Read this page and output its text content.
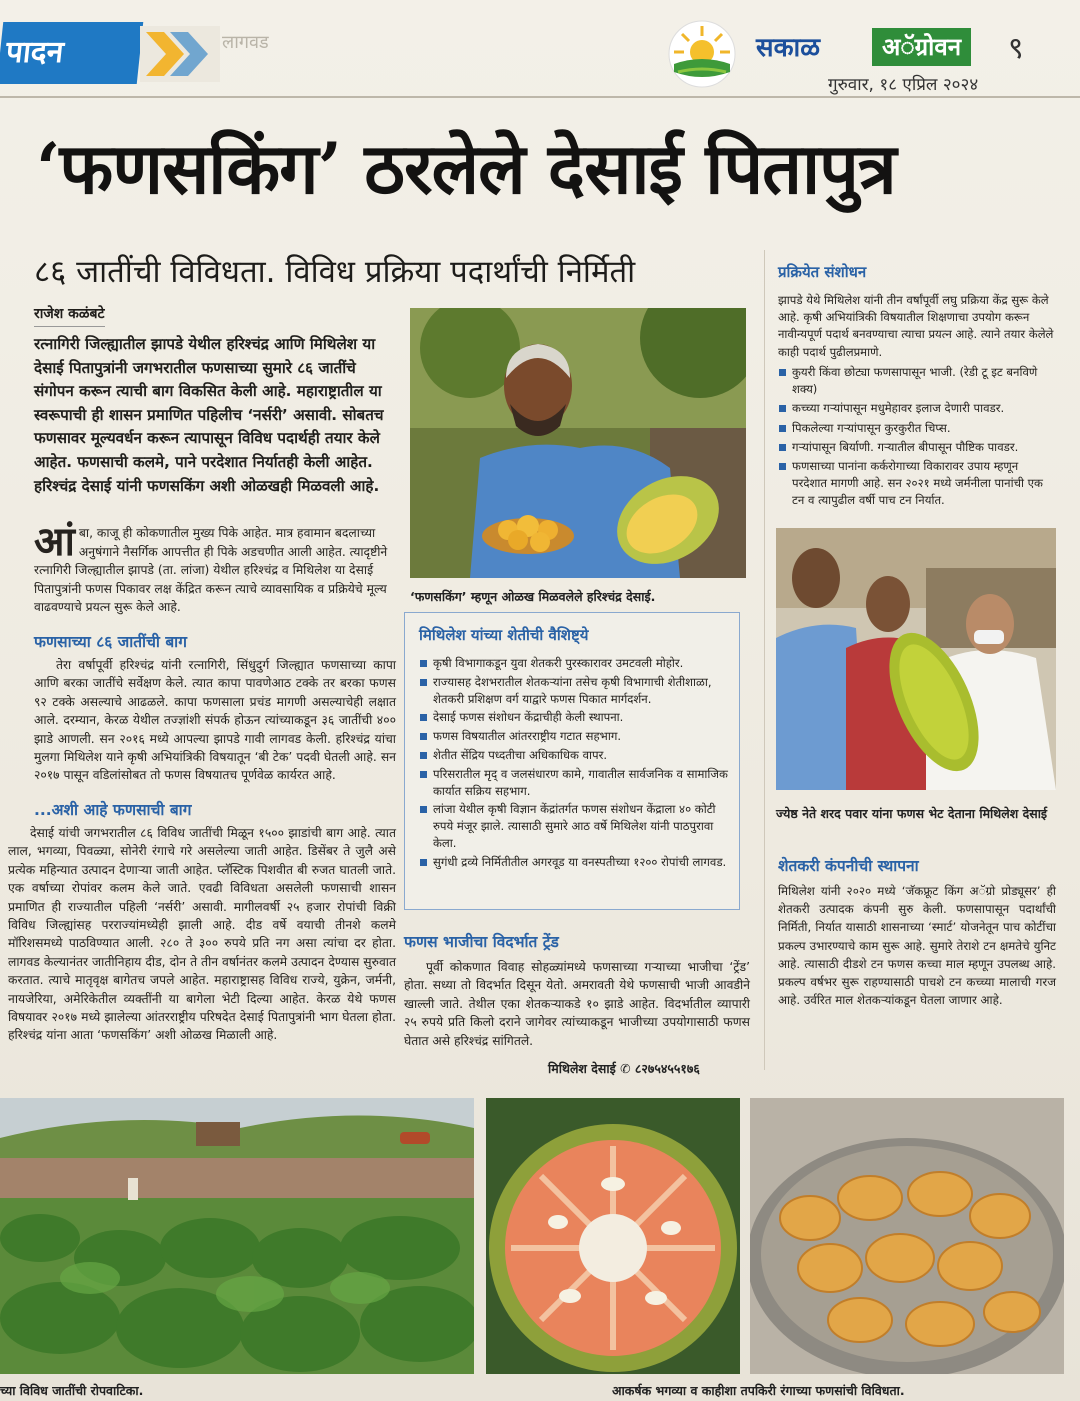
पादन	लागवड	सकाळ	अॅग्रोवन	९
गुरुवार, १८ एप्रिल २०२४
‘फणसकिंग’ ठरलेले देसाई पितापुत्र
८६ जातींची विविधता. विविध प्रक्रिया पदार्थांची निर्मिती
राजेश कळंबटे
रत्नागिरी जिल्ह्यातील झापडे येथील हरिश्चंद्र आणि मिथिलेश या देसाई पितापुत्रांनी जगभरातील फणसाच्या सुमारे ८६ जातींचे संगोपन करून त्याची बाग विकसित केली आहे. महाराष्ट्रातील या स्वरूपाची ही शासन प्रमाणित पहिलीच ‘नर्सरी’ असावी. सोबतच फणसावर मूल्यवर्धन करून त्यापासून विविध पदार्थही तयार केले आहेत. फणसाची कलमे, पाने परदेशात निर्यातही केली आहेत. हरिश्चंद्र देसाई यांनी फणसकिंग अशी ओळखही मिळवली आहे.
आं बा, काजू ही कोकणातील मुख्य पिके आहेत. मात्र हवामान बदलाच्या अनुषंगाने नैसर्गिक आपत्तीत ही पिके अडचणीत आली आहेत. त्यादृष्टीने रत्नागिरी जिल्ह्यातील झापडे (ता. लांजा) येथील हरिश्चंद्र व मिथिलेश या देसाई पितापुत्रांनी फणस पिकावर लक्ष केंद्रित करून त्याचे व्यावसायिक व प्रक्रियेचे मूल्य वाढवण्याचे प्रयत्न सुरू केले आहे.
फणसाच्या ८६ जातींची बाग

तेरा वर्षापूर्वी हरिश्चंद्र यांनी रत्नागिरी, सिंधुदुर्ग जिल्ह्यात फणसाच्या कापा आणि बरका जातींचे सर्वेक्षण केले. त्यात कापा पावणेआठ टक्के तर बरका फणस ९२ टक्के असल्याचे आढळले. कापा फणसाला प्रचंड मागणी असल्याचेही लक्षात आले. दरम्यान, केरळ येथील तज्ज्ञांशी संपर्क होऊन त्यांच्याकडून ३६ जातींची ४०० झाडे आणली. सन २०१६ मध्ये आपल्या झापडे गावी लागवड केली. हरिश्चंद्र यांचा मुलगा मिथिलेश याने कृषी अभियांत्रिकी विषयातून ‘बी टेक’ पदवी घेतली आहे. सन २०१७ पासून वडिलांसोबत तो फणस विषयातच पूर्णवेळ कार्यरत आहे.

...अशी आहे फणसाची बाग

देसाई यांची जगभरातील ८६ विविध जातींची मिळून १५०० झाडांची बाग आहे. त्यात लाल, भगव्या, पिवळ्या, सोनेरी रंगाचे गरे असलेल्या जाती आहेत. डिसेंबर ते जुलै असे प्रत्येक महिन्यात उत्पादन देणाऱ्या जाती आहेत. प्लॅस्टिक पिशवीत बी रुजत घातली जाते. एक वर्षाच्या रोपांवर कलम केले जाते. एवढी विविधता असलेली फणसाची शासन प्रमाणित ही राज्यातील पहिली ‘नर्सरी’ असावी. मागीलवर्षी २५ हजार रोपांची विक्री विविध जिल्ह्यांसह परराज्यांमध्येही झाली आहे. दीड वर्षे वयाची तीनशे कलमे मॉरिशसमध्ये पाठविण्यात आली. २८० ते ३०० रुपये प्रति नग असा त्यांचा दर होता. लागवड केल्यानंतर जातीनिहाय दीड, दोन ते तीन वर्षानंतर कलमे उत्पादन देण्यास सुरुवात करतात. त्याचे मातृवृक्ष बागेतच जपले आहेत. महाराष्ट्रासह विविध राज्ये, युक्रेन, जर्मनी, नायजेरिया, अमेरिकेतील व्यक्तींनी या बागेला भेटी दिल्या आहेत. केरळ येथे फणस विषयावर २०१७ मध्ये झालेल्या आंतरराष्ट्रीय परिषदेत देसाई पितापुत्रांनी भाग घेतला होता. हरिश्चंद्र यांना आता ‘फणसकिंग’ अशी ओळख मिळाली आहे.

‘फणसकिंग’ म्हणून ओळख मिळवलेले हरिश्चंद्र देसाई.
मिथिलेश यांच्या शेतीची वैशिष्ट्ये
कृषी विभागाकडून युवा शेतकरी पुरस्कारावर उमटवली मोहोर.
राज्यासह देशभरातील शेतकऱ्यांना तसेच कृषी विभागाची शेतीशाळा, शेतकरी प्रशिक्षण वर्ग याद्वारे फणस पिकात मार्गदर्शन.
देसाई फणस संशोधन केंद्राचीही केली स्थापना.
फणस विषयातील आंतरराष्ट्रीय गटात सहभाग.
शेतीत सेंद्रिय पध्दतीचा अधिकाधिक वापर.
परिसरातील मृद् व जलसंधारण कामे, गावातील सार्वजनिक व सामाजिक कार्यात सक्रिय सहभाग.
लांजा येथील कृषी विज्ञान केंद्रांतर्गत फणस संशोधन केंद्राला ४० कोटी रुपये मंजूर झाले. त्यासाठी सुमारे आठ वर्षे मिथिलेश यांनी पाठपुरावा केला.
सुगंधी द्रव्ये निर्मितीतील अगरवूड या वनस्पतीच्या १२०० रोपांची लागवड.
फणस भाजीचा विदर्भात ट्रेंड

पूर्वी कोकणात विवाह सोहळ्यांमध्ये फणसाच्या गऱ्याच्या भाजीचा ‘ट्रेंड’ होता. सध्या तो विदर्भात दिसून येतो. अमरावती येथे फणसाची भाजी आवडीने खाल्ली जाते. तेथील एका शेतकऱ्याकडे १० झाडे आहेत. विदर्भातील व्यापारी २५ रुपये प्रति किलो दराने जागेवर त्यांच्याकडून भाजीच्या उपयोगासाठी फणस घेतात असे हरिश्चंद्र सांगितले.

मिथिलेश देसाई ✆ ८२७५४५५१७६
प्रक्रियेत संशोधन
झापडे येथे मिथिलेश यांनी तीन वर्षांपूर्वी लघु प्रक्रिया केंद्र सुरू केले आहे. कृषी अभियांत्रिकी विषयातील शिक्षणाचा उपयोग करून नावीन्यपूर्ण पदार्थ बनवण्याचा त्याचा प्रयत्न आहे. त्याने तयार केलेले काही पदार्थ पुढीलप्रमाणे.
कुयरी किंवा छोट्या फणसापासून भाजी. (रेडी टू इट बनविणे शक्य)
कच्च्या गऱ्यांपासून मधुमेहावर इलाज देणारी पावडर.
पिकलेल्या गऱ्यांपासून कुरकुरीत चिप्स.
गऱ्यांपासून बिर्याणी. गऱ्यातील बीपासून पौष्टिक पावडर.
फणसाच्या पानांना कर्करोगाच्या विकारावर उपाय म्हणून परदेशात मागणी आहे. सन २०२१ मध्ये जर्मनीला पानांची एक टन व त्यापुढील वर्षी पाच टन निर्यात.
ज्येष्ठ नेते शरद पवार यांना फणस भेट देताना मिथिलेश देसाई
शेतकरी कंपनीची स्थापना
मिथिलेश यांनी २०२० मध्ये ‘जॅकफ्रूट किंग अॅग्रो प्रोड्यूसर’ ही शेतकरी उत्पादक कंपनी सुरु केली. फणसापासून पदार्थांची निर्मिती, निर्यात यासाठी शासनाच्या ‘स्मार्ट’ योजनेतून पाच कोटींचा प्रकल्प उभारण्याचे काम सुरू आहे. सुमारे तेराशे टन क्षमतेचे युनिट आहे. त्यासाठी दीडशे टन फणस कच्चा माल म्हणून उपलब्ध आहे. प्रकल्प वर्षभर सुरू राहण्यासाठी पाचशे टन कच्च्या मालाची गरज आहे. उर्वरित माल शेतकऱ्यांकडून घेतला जाणार आहे.
च्या विविध जातींची रोपवाटिका.	आकर्षक भगव्या व काहीशा तपकिरी रंगाच्या फणसांची विविधता.
